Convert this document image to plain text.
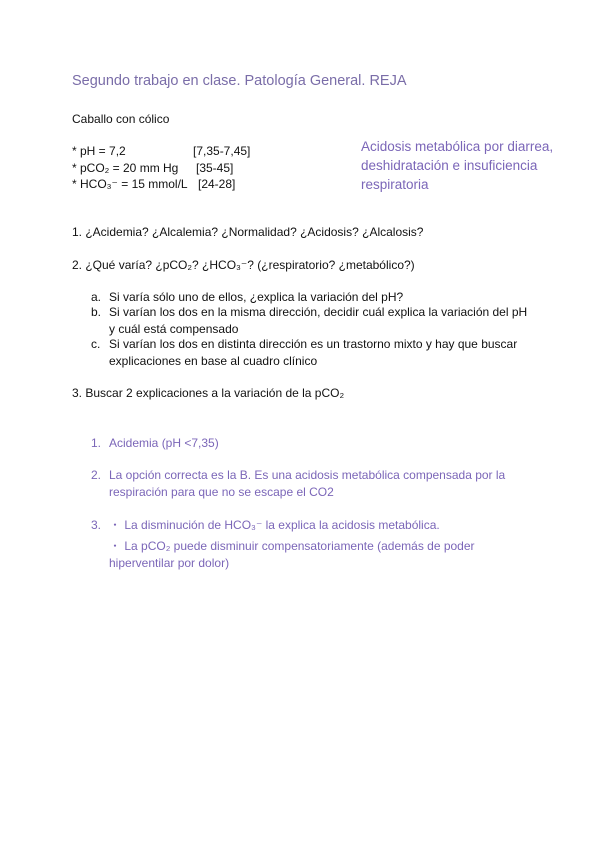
Segundo trabajo en clase. Patología General. REJA
Caballo con cólico
* pH = 7,2	[7,35-7,45]
* pCO₂ = 20 mm Hg [35-45]
* HCO₃⁻ = 15 mmol/L [24-28]
Acidosis metabólica por diarrea, deshidratación e insuficiencia respiratoria
1. ¿Acidemia? ¿Alcalemia? ¿Normalidad? ¿Acidosis? ¿Alcalosis?
2. ¿Qué varía? ¿pCO₂? ¿HCO₃⁻? (¿respiratorio? ¿metabólico?)
a. Si varía sólo uno de ellos, ¿explica la variación del pH?
b. Si varían los dos en la misma dirección, decidir cuál explica la variación del pH y cuál está compensado
c. Si varían los dos en distinta dirección es un trastorno mixto y hay que buscar explicaciones en base al cuadro clínico
3. Buscar 2 explicaciones a la variación de la pCO₂
1. Acidemia (pH <7,35)
2. La opción correcta es la B. Es una acidosis metabólica compensada por la respiración para que no se escape el CO2
3. ・ La disminución de HCO₃⁻ la explica la acidosis metabólica.
・ La pCO₂ puede disminuir compensatoriamente (además de poder hiperventilar por dolor)
